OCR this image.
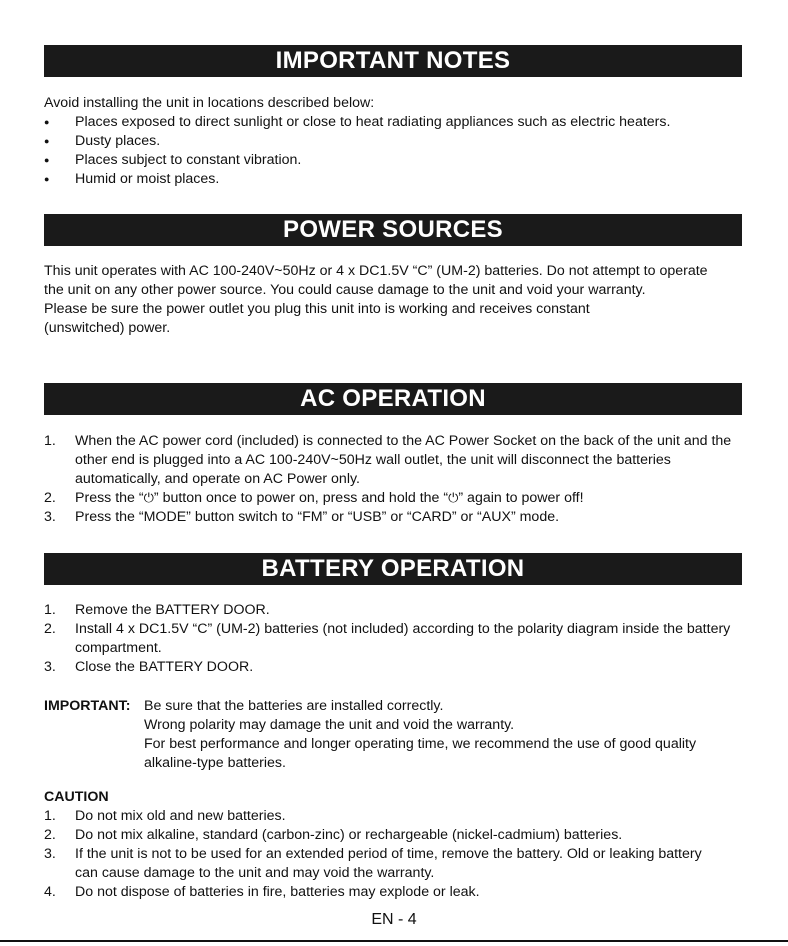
IMPORTANT NOTES

Avoid installing the unit in locations described below:

● Places exposed to direct sunlight or close to heat radiating appliances such as electric heaters.
● Dusty places.
● Places subject to constant vibration.
● Humid or moist places.
POWER SOURCES

This unit operates with AC 100-240V~50Hz or 4 x DC1.5V “C” (UM-2) batteries. Do not attempt to operate the unit on any other power source. You could cause damage to the unit and void your warranty.

Please be sure the power outlet you plug this unit into is working and receives constant (unswitched) power.

AC OPERATION
1. When the AC power cord (included) is connected to the AC Power Socket on the back of the unit and the other end is plugged into a AC 100-240V~50Hz wall outlet, the unit will disconnect the batteries automatically, and operate on AC Power only.
2. Press the “⏻” button once to power on, press and hold the “⏻” again to power off!
3. Press the “MODE” button switch to “FM” or “USB” or “CARD” or “AUX” mode.
BATTERY OPERATION
1. Remove the BATTERY DOOR.
2. Install 4 x DC1.5V “C” (UM-2) batteries (not included) according to the polarity diagram inside the battery compartment.
3. Close the BATTERY DOOR.
IMPORTANT: Be sure that the batteries are installed correctly.

Wrong polarity may damage the unit and void the warranty.

For best performance and longer operating time, we recommend the use of good quality alkaline-type batteries.

CAUTION

1. Do not mix old and new batteries.
2. Do not mix alkaline, standard (carbon-zinc) or rechargeable (nickel-cadmium) batteries.
3. If the unit is not to be used for an extended period of time, remove the battery. Old or leaking battery can cause damage to the unit and may void the warranty.
4. Do not dispose of batteries in fire, batteries may explode or leak.
EN - 4
